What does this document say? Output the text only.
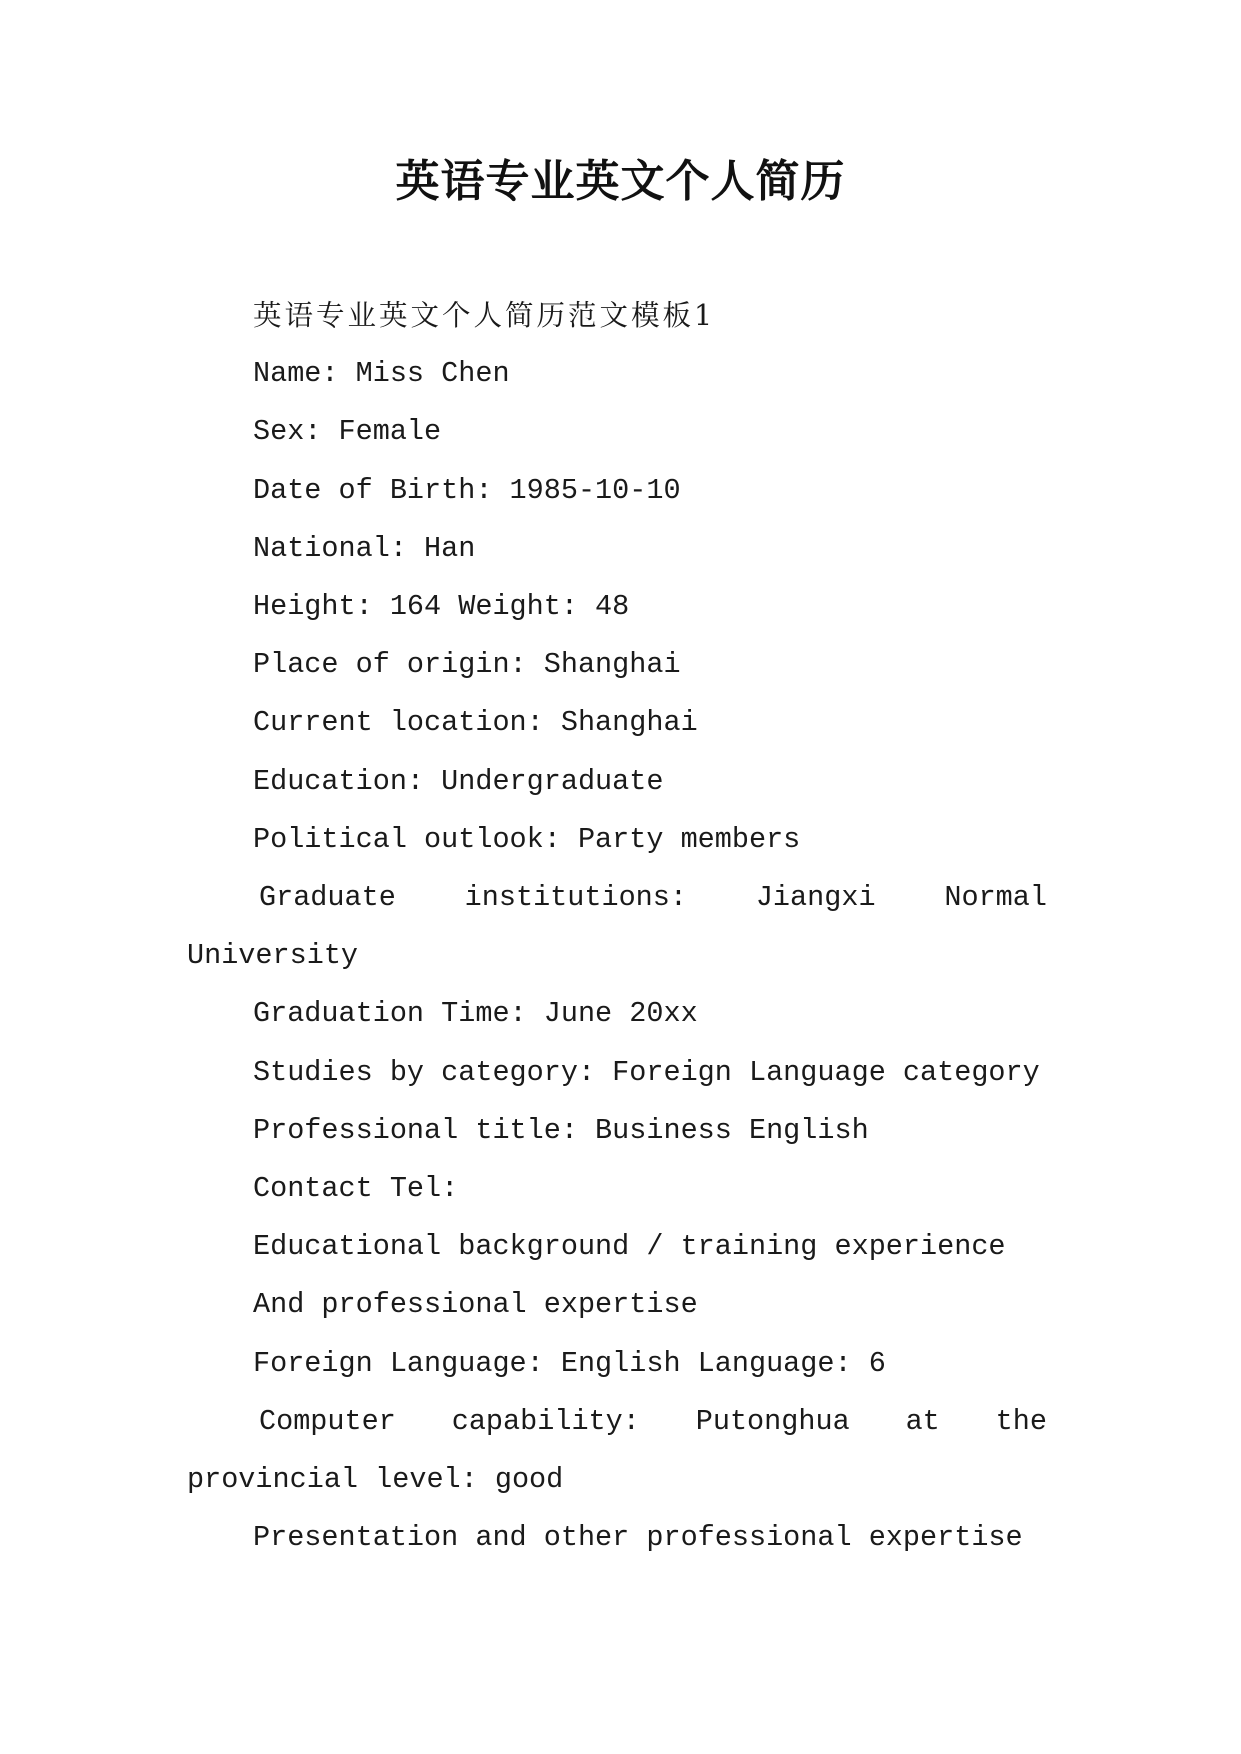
英语专业英文个人简历

英语专业英文个人简历范文模板1

Name: Miss Chen

Sex: Female

Date of Birth: 1985-10-10

National: Han

Height: 164 Weight: 48

Place of origin: Shanghai

Current location: Shanghai

Education: Undergraduate

Political outlook: Party members

Graduate institutions: Jiangxi Normal
University

Graduation Time: June 20xx

Studies by category: Foreign Language category

Professional title: Business English

Contact Tel:

Educational background / training experience

And professional expertise

Foreign Language: English Language: 6

Computer capability: Putonghua at the
provincial level: good

Presentation and other professional expertise
